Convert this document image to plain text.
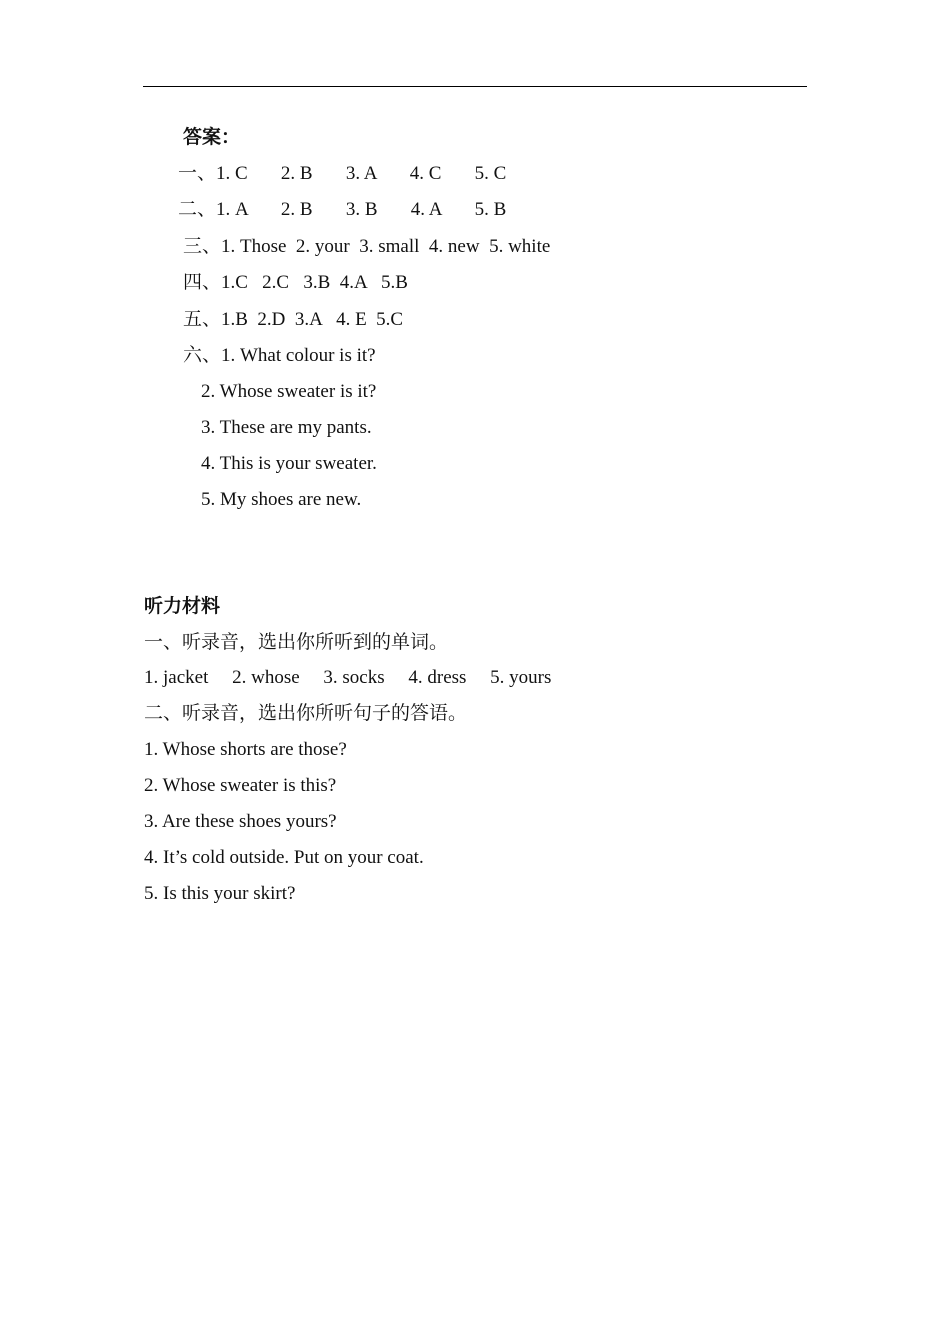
答案：
一、1. C       2. B       3. A       4. C       5. C
二、1. A       2. B       3. B       4. A       5. B
三、1. Those  2. your  3. small  4. new  5. white
四、1.C   2.C   3.B  4.A   5.B
五、1.B  2.D  3.A   4. E  5.C
六、1. What colour is it?
2. Whose sweater is it?
3. These are my pants.
4. This is your sweater.
5. My shoes are new.
听力材料
一、听录音，选出你所听到的单词。
1. jacket     2. whose     3. socks     4. dress     5. yours
二、听录音，选出你所听句子的答语。
1. Whose shorts are those?
2. Whose sweater is this?
3. Are these shoes yours?
4. It’s cold outside. Put on your coat.
5. Is this your skirt?
